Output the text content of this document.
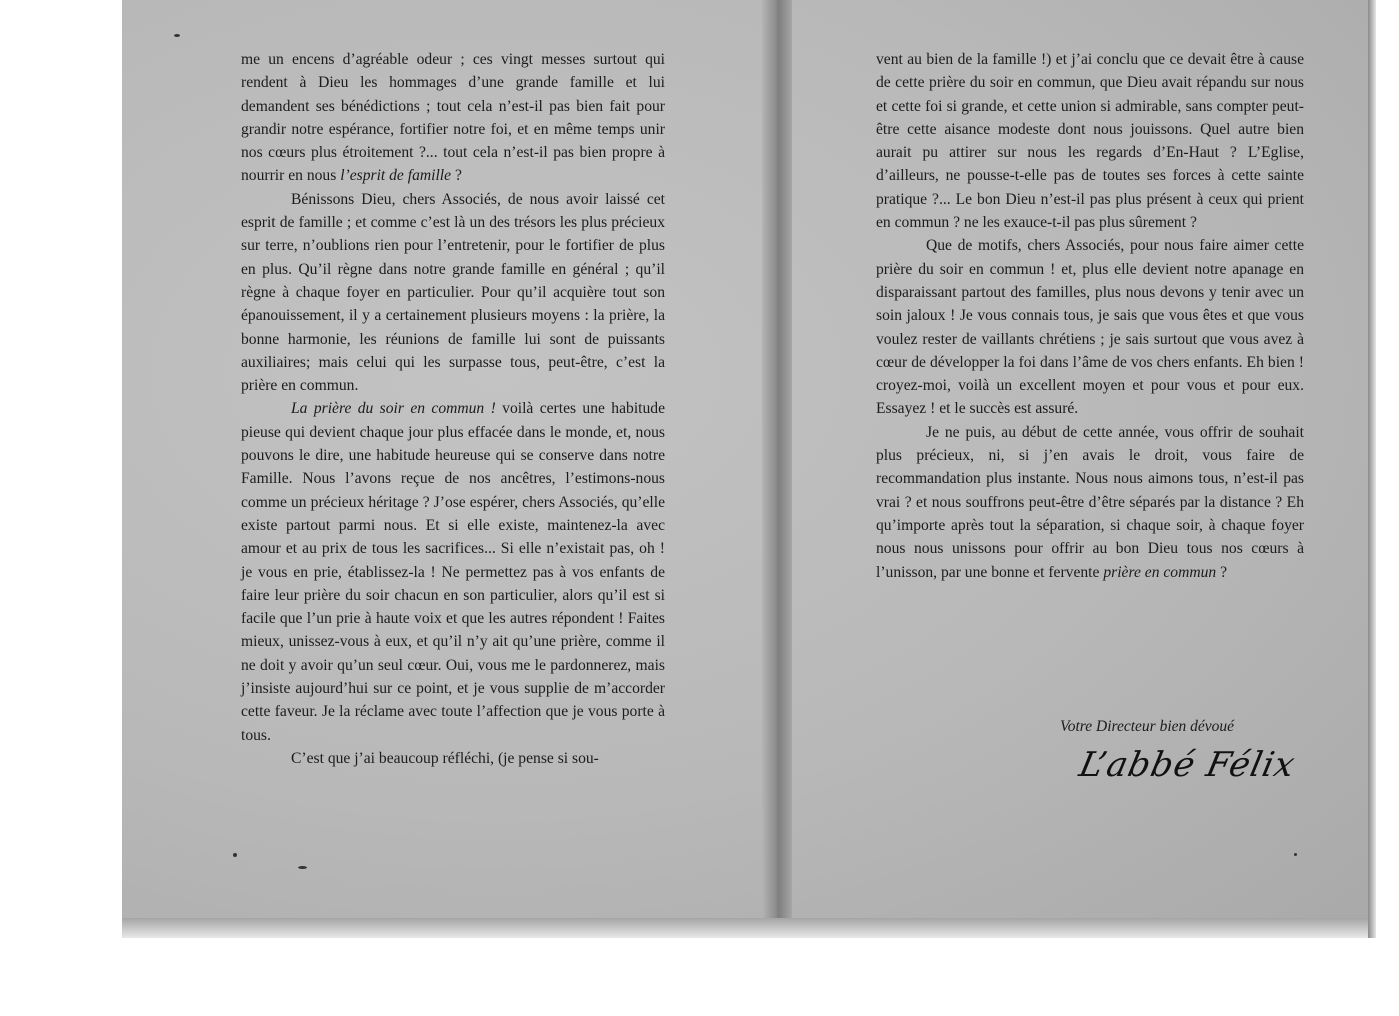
me un encens d’agréable odeur ; ces vingt messes surtout qui rendent à Dieu les hommages d’une grande famille et lui demandent ses bénédictions ; tout cela n’est-il pas bien fait pour grandir notre espérance, fortifier notre foi, et en même temps unir nos cœurs plus étroitement ?... tout cela n’est-il pas bien propre à nourrir en nous l’esprit de famille ?

Bénissons Dieu, chers Associés, de nous avoir laissé cet esprit de famille ; et comme c’est là un des trésors les plus précieux sur terre, n’oublions rien pour l’entretenir, pour le fortifier de plus en plus. Qu’il règne dans notre grande famille en général ; qu’il règne à chaque foyer en particulier. Pour qu’il acquière tout son épanouissement, il y a certainement plusieurs moyens : la prière, la bonne harmonie, les réunions de famille lui sont de puissants auxiliaires; mais celui qui les surpasse tous, peut-être, c’est la prière en commun.

La prière du soir en commun ! voilà certes une habitude pieuse qui devient chaque jour plus effacée dans le monde, et, nous pouvons le dire, une habitude heureuse qui se conserve dans notre Famille. Nous l’avons reçue de nos ancêtres, l’estimons-nous comme un précieux héritage ? J’ose espérer, chers Associés, qu’elle existe partout parmi nous. Et si elle existe, maintenez-la avec amour et au prix de tous les sacrifices... Si elle n’existait pas, oh ! je vous en prie, établissez-la ! Ne permettez pas à vos enfants de faire leur prière du soir chacun en son particulier, alors qu’il est si facile que l’un prie à haute voix et que les autres répondent ! Faites mieux, unissez-vous à eux, et qu’il n’y ait qu’une prière, comme il ne doit y avoir qu’un seul cœur. Oui, vous me le pardonnerez, mais j’insiste aujourd’hui sur ce point, et je vous supplie de m’accorder cette faveur. Je la réclame avec toute l’affection que je vous porte à tous.

C’est que j’ai beaucoup réfléchi, (je pense si sou-

vent au bien de la famille !) et j’ai conclu que ce devait être à cause de cette prière du soir en commun, que Dieu avait répandu sur nous et cette foi si grande, et cette union si admirable, sans compter peut-être cette aisance modeste dont nous jouissons. Quel autre bien aurait pu attirer sur nous les regards d’En-Haut ? L’Eglise, d’ailleurs, ne pousse-t-elle pas de toutes ses forces à cette sainte pratique ?... Le bon Dieu n’est-il pas plus présent à ceux qui prient en commun ? ne les exauce-t-il pas plus sûrement ?

Que de motifs, chers Associés, pour nous faire aimer cette prière du soir en commun ! et, plus elle devient notre apanage en disparaissant partout des familles, plus nous devons y tenir avec un soin jaloux ! Je vous connais tous, je sais que vous êtes et que vous voulez rester de vaillants chrétiens ; je sais surtout que vous avez à cœur de développer la foi dans l’âme de vos chers enfants. Eh bien ! croyez-moi, voilà un excellent moyen et pour vous et pour eux. Essayez ! et le succès est assuré.

Je ne puis, au début de cette année, vous offrir de souhait plus précieux, ni, si j’en avais le droit, vous faire de recommandation plus instante. Nous nous aimons tous, n’est-il pas vrai ? et nous souffrons peut-être d’être séparés par la distance ? Eh qu’importe après tout la séparation, si chaque soir, à chaque foyer nous nous unissons pour offrir au bon Dieu tous nos cœurs à l’unisson, par une bonne et fervente prière en commun ?

Votre Directeur bien dévoué
L’abbé Félix
